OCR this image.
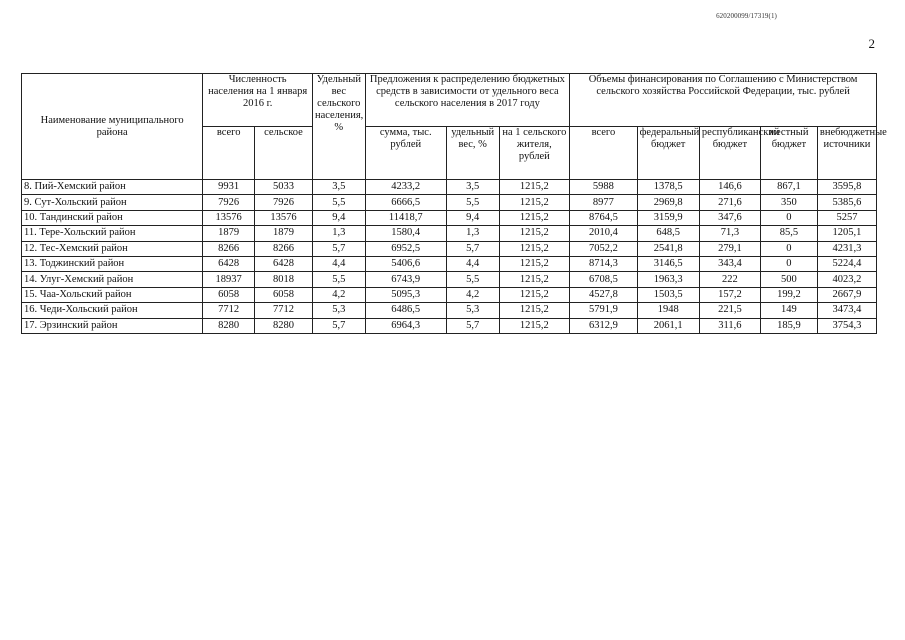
620200099/17319(1)
2
Наименование муниципального района	Численность населения на 1 января 2016 г.		Удельный вес сельского населения, %	Предложения к распределению бюджетных средств в зависимости от удельного веса сельского населения в 2017 году			Объемы финансирования по Соглашению с Министерством сельского хозяйства Российской Федерации, тыс. рублей				
	всего	сельское		сумма, тыс. рублей	удельный вес, %	на 1 сельского жителя, рублей	всего	федеральный бюджет	республиканский бюджет	местный бюджет	внебюджетные источники
8. Пий-Хемский район	9931	5033	3,5	4233,2	3,5	1215,2	5988	1378,5	146,6	867,1	3595,8
9. Сут-Хольский район	7926	7926	5,5	6666,5	5,5	1215,2	8977	2969,8	271,6	350	5385,6
10. Тандинский район	13576	13576	9,4	11418,7	9,4	1215,2	8764,5	3159,9	347,6	0	5257
11. Тере-Хольский район	1879	1879	1,3	1580,4	1,3	1215,2	2010,4	648,5	71,3	85,5	1205,1
12. Тес-Хемский район	8266	8266	5,7	6952,5	5,7	1215,2	7052,2	2541,8	279,1	0	4231,3
13. Тоджинский район	6428	6428	4,4	5406,6	4,4	1215,2	8714,3	3146,5	343,4	0	5224,4
14. Улуг-Хемский район	18937	8018	5,5	6743,9	5,5	1215,2	6708,5	1963,3	222	500	4023,2
15. Чаа-Хольский район	6058	6058	4,2	5095,3	4,2	1215,2	4527,8	1503,5	157,2	199,2	2667,9
16. Чеди-Хольский район	7712	7712	5,3	6486,5	5,3	1215,2	5791,9	1948	221,5	149	3473,4
17. Эрзинский район	8280	8280	5,7	6964,3	5,7	1215,2	6312,9	2061,1	311,6	185,9	3754,3
